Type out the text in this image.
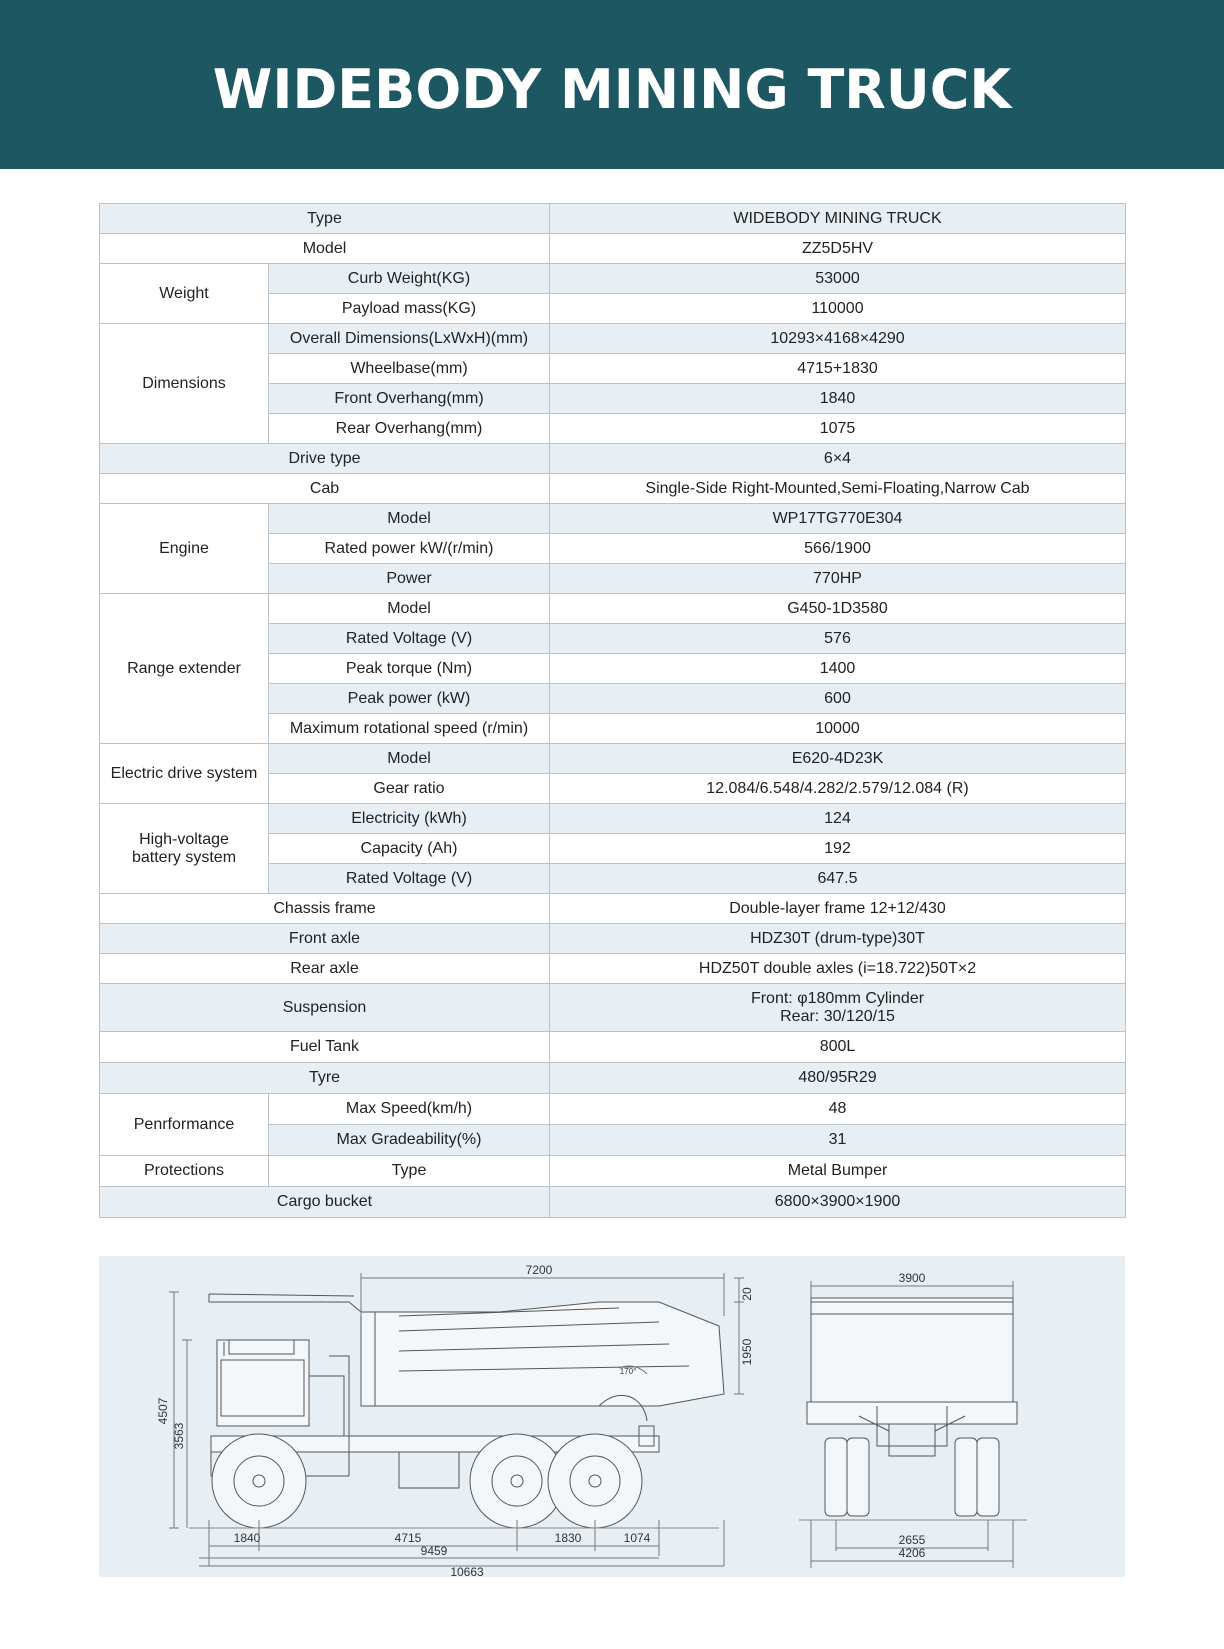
WIDEBODY MINING TRUCK
Type		WIDEBODY MINING TRUCK
Model		ZZ5D5HV
Weight	Curb Weight(KG)	53000
	Payload mass(KG)	110000
Dimensions	Overall Dimensions(LxWxH)(mm)	10293×4168×4290
	Wheelbase(mm)	4715+1830
	Front Overhang(mm)	1840
	Rear Overhang(mm)	1075
Drive type		6×4
Cab		Single-Side Right-Mounted,Semi-Floating,Narrow Cab
Engine	Model	WP17TG770E304
	Rated power kW/(r/min)	566/1900
	Power	770HP
Range extender	Model	G450-1D3580
	Rated Voltage (V)	576
	Peak torque (Nm)	1400
	Peak power (kW)	600
	Maximum rotational speed (r/min)	10000
Electric drive system	Model	E620-4D23K
	Gear ratio	12.084/6.548/4.282/2.579/12.084 (R)
High-voltage
battery system	Electricity (kWh)	124
	Capacity (Ah)	192
	Rated Voltage (V)	647.5
Chassis frame		Double-layer frame 12+12/430
Front axle		HDZ30T (drum-type)30T
Rear axle		HDZ50T double axles (i=18.722)50T×2
Suspension		Front: φ180mm Cylinder
Rear: 30/120/15
Fuel Tank		800L
Tyre		480/95R29
Penrformance	Max Speed(km/h)	48
	Max Gradeability(%)	31
Protections	Type	Metal Bumper
Cargo bucket		6800×3900×1900
7200
20
1950
4507
3563
170°
1840	4715	1830	1074
9459
10663
3900
2655
4206
